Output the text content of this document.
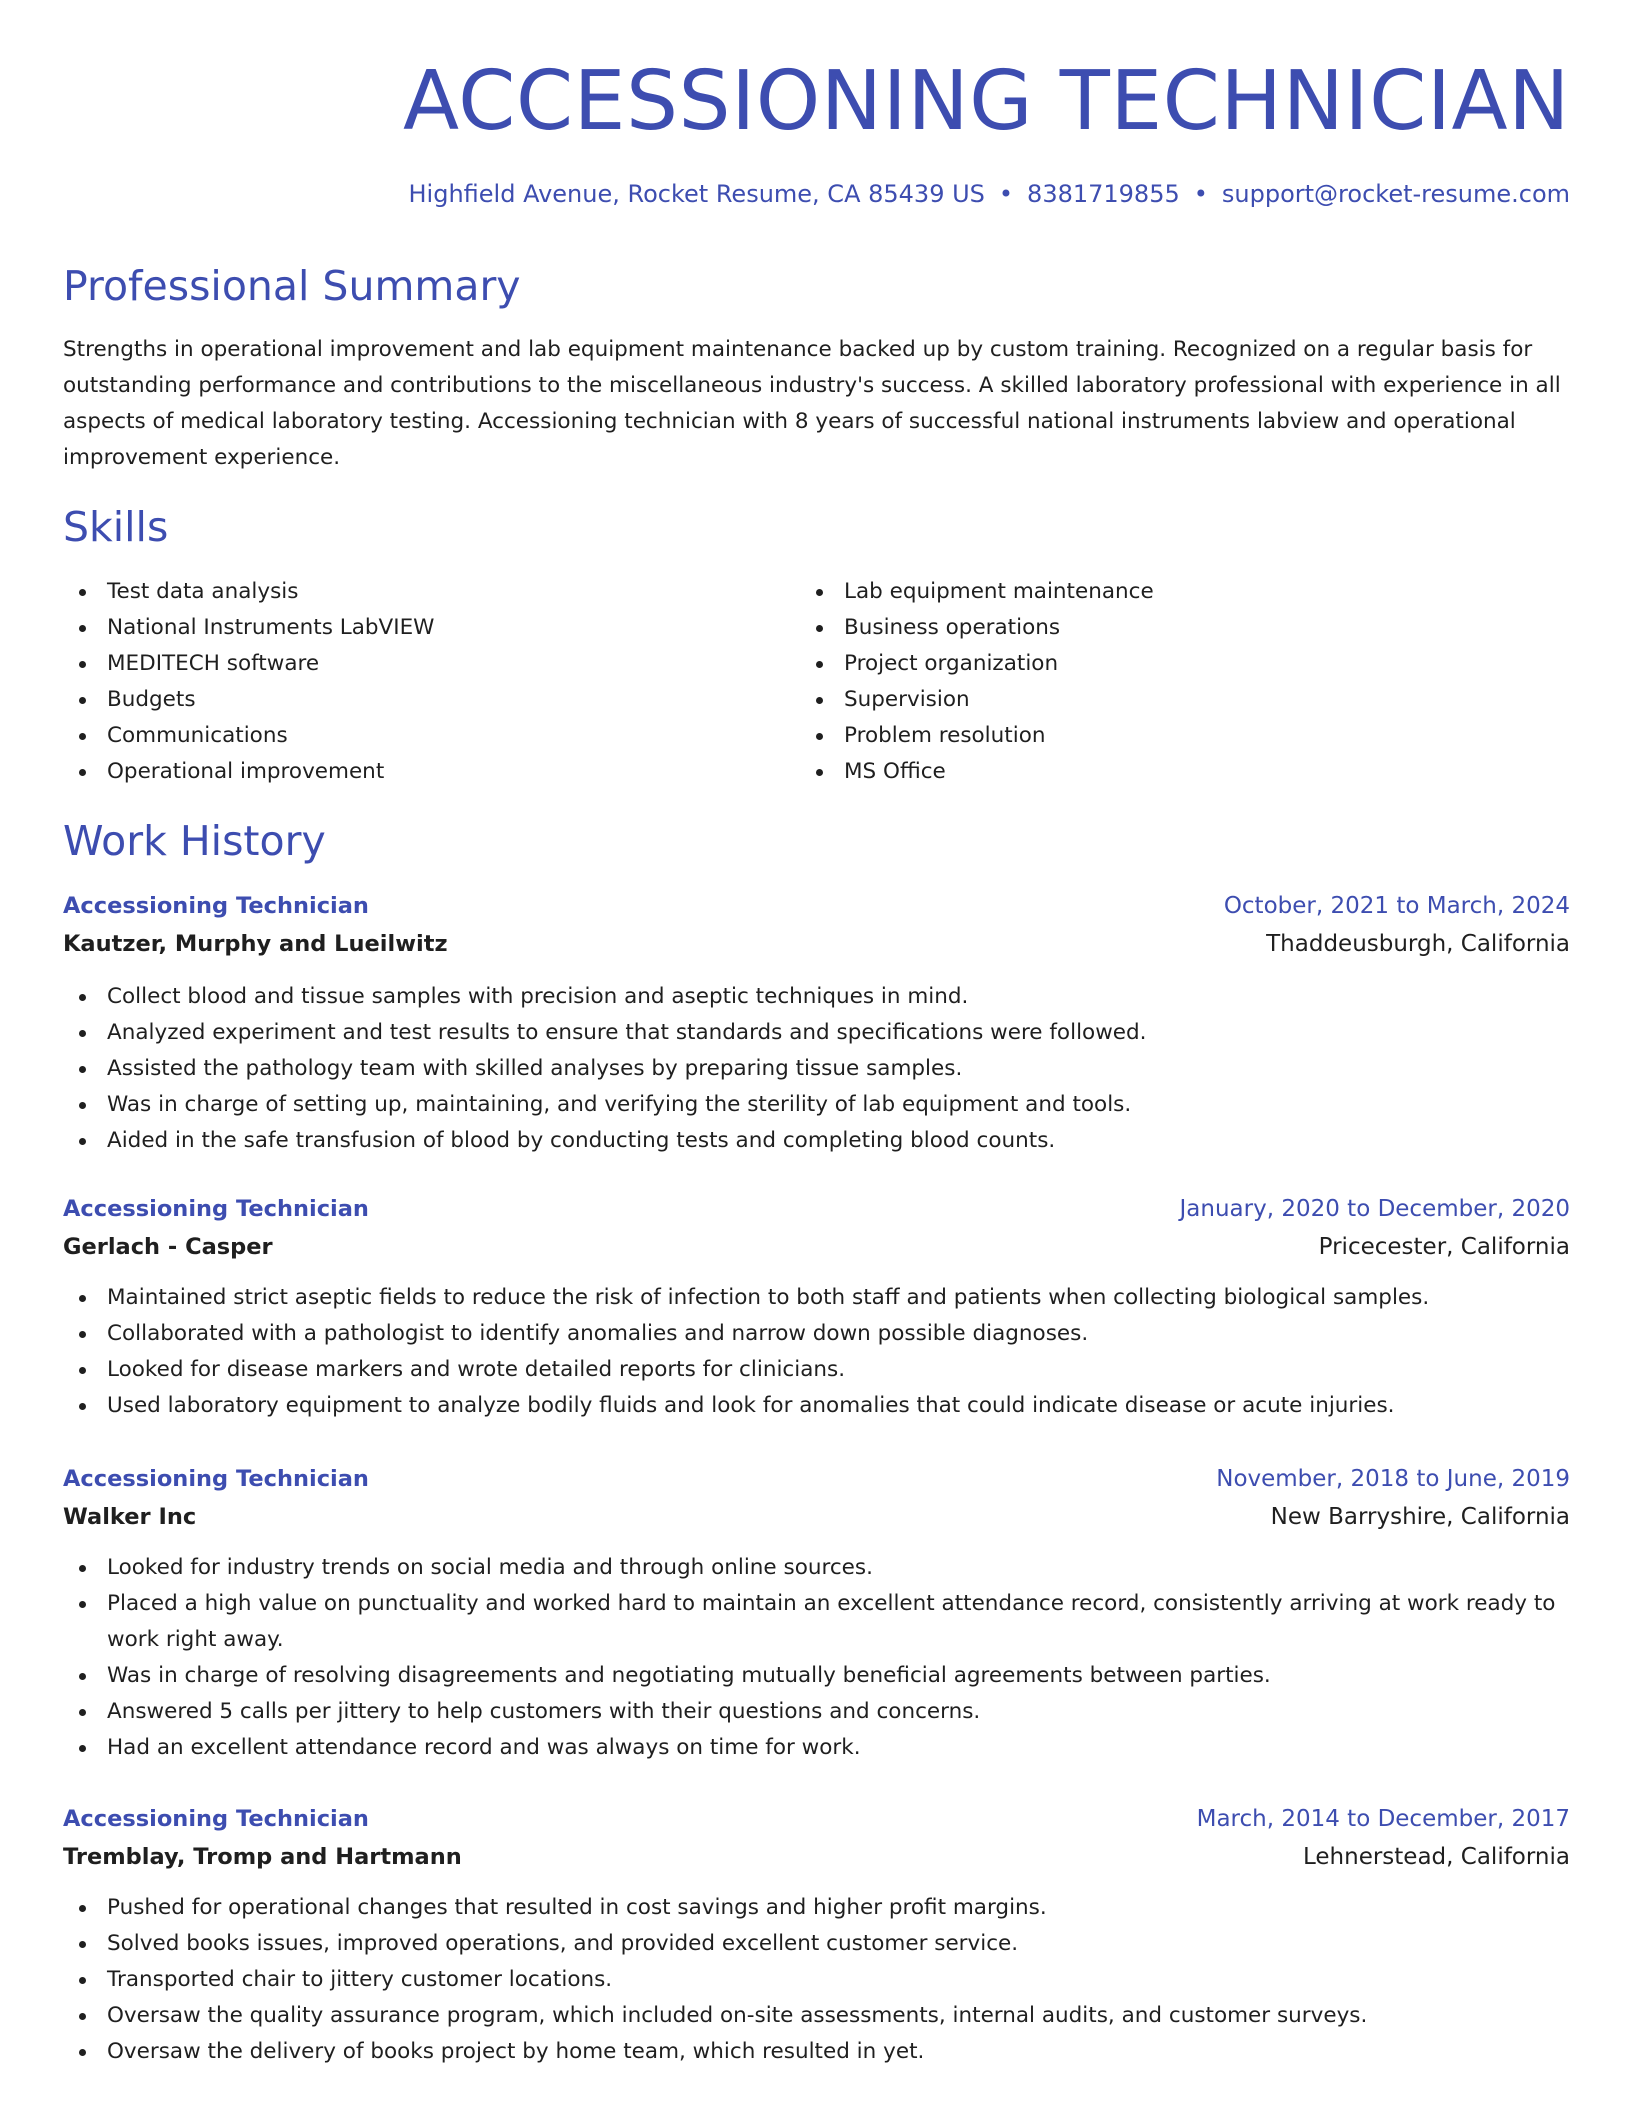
ACCESSIONING TECHNICIAN
Highfield Avenue, Rocket Resume, CA 85439 US • 8381719855 • support@rocket-resume.com
Professional Summary

Strengths in operational improvement and lab equipment maintenance backed up by custom training. Recognized on a regular basis for outstanding performance and contributions to the miscellaneous industry's success. A skilled laboratory professional with experience in all aspects of medical laboratory testing. Accessioning technician with 8 years of successful national instruments labview and operational improvement experience.

Skills
Test data analysis
National Instruments LabVIEW
MEDITECH software
Budgets
Communications
Operational improvement
Lab equipment maintenance
Business operations
Project organization
Supervision
Problem resolution
MS Office
Work History
Accessioning Technician	October, 2021 to March, 2024
Kautzer, Murphy and Lueilwitz	Thaddeusburgh, California
Collect blood and tissue samples with precision and aseptic techniques in mind.
Analyzed experiment and test results to ensure that standards and specifications were followed.
Assisted the pathology team with skilled analyses by preparing tissue samples.
Was in charge of setting up, maintaining, and verifying the sterility of lab equipment and tools.
Aided in the safe transfusion of blood by conducting tests and completing blood counts.
Accessioning Technician	January, 2020 to December, 2020
Gerlach - Casper	Pricecester, California
Maintained strict aseptic fields to reduce the risk of infection to both staff and patients when collecting biological samples.
Collaborated with a pathologist to identify anomalies and narrow down possible diagnoses.
Looked for disease markers and wrote detailed reports for clinicians.
Used laboratory equipment to analyze bodily fluids and look for anomalies that could indicate disease or acute injuries.
Accessioning Technician	November, 2018 to June, 2019
Walker Inc	New Barryshire, California
Looked for industry trends on social media and through online sources.
Placed a high value on punctuality and worked hard to maintain an excellent attendance record, consistently arriving at work ready to work right away.
Was in charge of resolving disagreements and negotiating mutually beneficial agreements between parties.
Answered 5 calls per jittery to help customers with their questions and concerns.
Had an excellent attendance record and was always on time for work.
Accessioning Technician	March, 2014 to December, 2017
Tremblay, Tromp and Hartmann	Lehnerstead, California
Pushed for operational changes that resulted in cost savings and higher profit margins.
Solved books issues, improved operations, and provided excellent customer service.
Transported chair to jittery customer locations.
Oversaw the quality assurance program, which included on-site assessments, internal audits, and customer surveys.
Oversaw the delivery of books project by home team, which resulted in yet.
